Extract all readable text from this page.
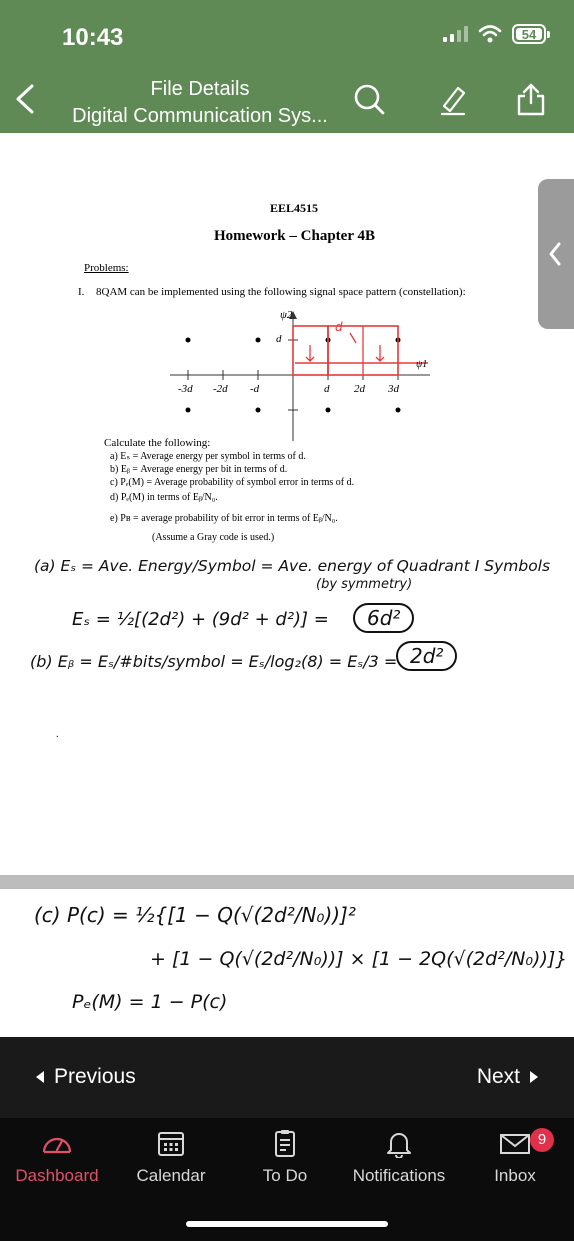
10:43	54
File Details
Digital Communication Sys...
EEL4515
Homework – Chapter 4B
Problems:
I. 8QAM can be implemented using the following signal space pattern (constellation):
ψ2
ψ1
d
d
-3d -2d -d	d 2d 3d
Calculate the following:
a) Eₛ = Average energy per symbol in terms of d.
b) Eᵦ = Average energy per bit in terms of d.
c) Pₑ(M) = Average probability of symbol error in terms of d.
d) Pₑ(M) in terms of Eᵦ/N₀.
e) Pʙ = average probability of bit error in terms of Eᵦ/N₀.
(Assume a Gray code is used.)
(a) Eₛ = Ave. Energy/Symbol = Ave. energy of Quadrant I Symbols
(by symmetry)
Eₛ = ½[(2d²) + (9d² + d²)] =	6d²
(b) Eᵦ = Eₛ/#bits/symbol = Eₛ/log₂(8) = Eₛ/3 = 2d²
.
(c) P(c) = ½{[1 − Q(√(2d²/N₀))]²
+ [1 − Q(√(2d²/N₀))] × [1 − 2Q(√(2d²/N₀))]}
Pₑ(M) = 1 − P(c)
Previous	Next
Dashboard	Calendar	To Do	Notifications	Inbox
9
